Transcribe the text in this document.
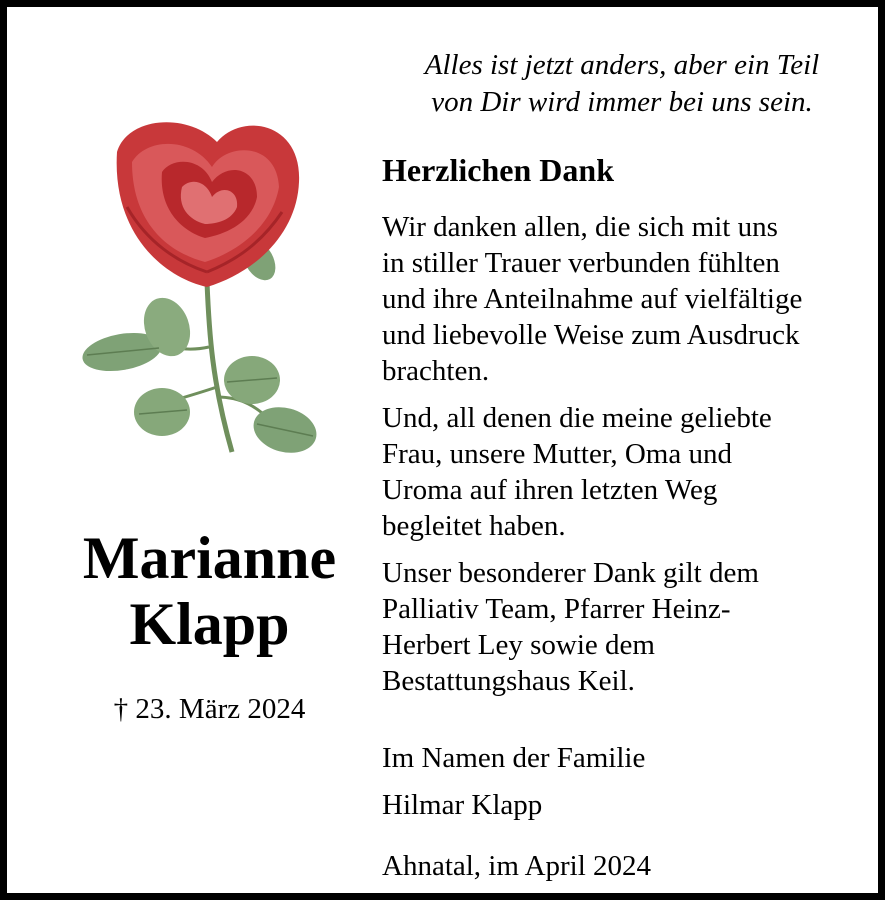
Alles ist jetzt anders, aber ein Teil
von Dir wird immer bei uns sein.
Herzlichen Dank
Wir danken allen, die sich mit uns
in stiller Trauer verbunden fühlten
und ihre Anteilnahme auf vielfältige
und liebevolle Weise zum Ausdruck
brachten.
Und, all denen die meine geliebte
Frau, unsere Mutter, Oma und
Uroma auf ihren letzten Weg
begleitet haben.
Unser besonderer Dank gilt dem
Palliativ Team, Pfarrer Heinz-
Herbert Ley sowie dem
Bestattungshaus Keil.
Im Namen der Familie
Hilmar Klapp
Ahnatal, im April 2024
Marianne
Klapp
† 23. März 2024
